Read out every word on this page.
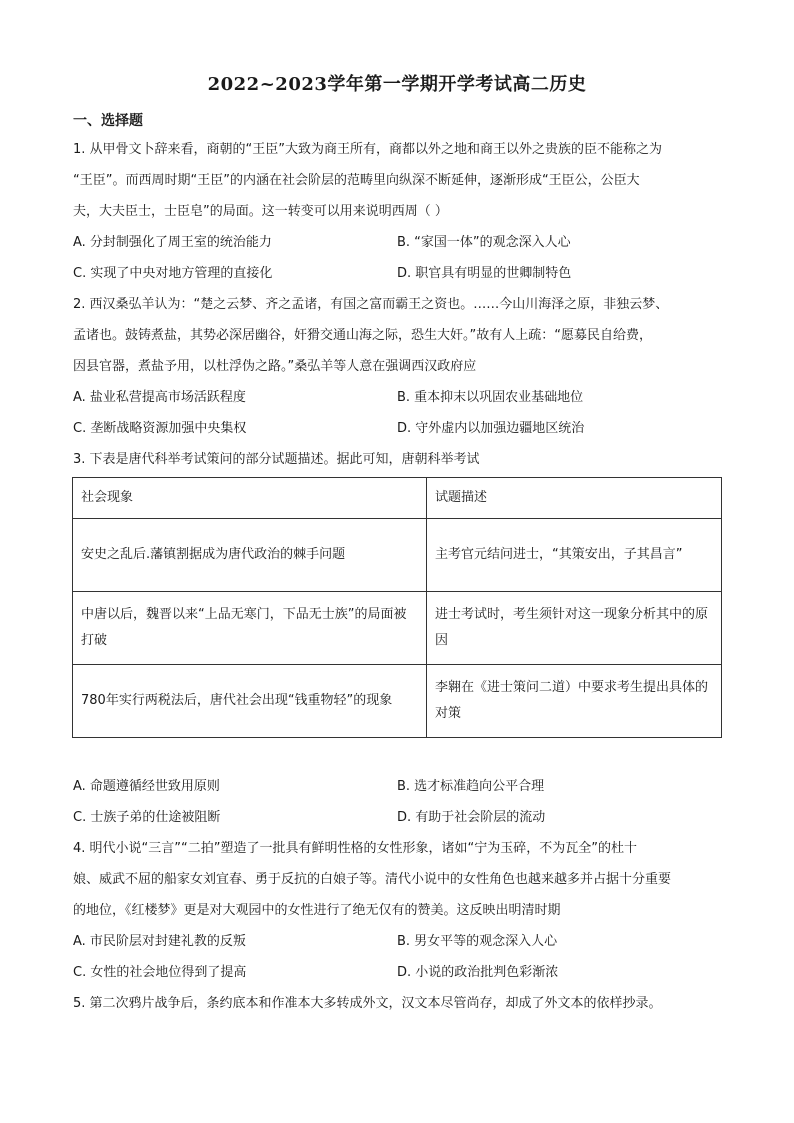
2022~2023学年第一学期开学考试高二历史
一、选择题
1. 从甲骨文卜辞来看，商朝的“王臣”大致为商王所有，商都以外之地和商王以外之贵族的臣不能称之为
“王臣”。而西周时期“王臣”的内涵在社会阶层的范畴里向纵深不断延伸，逐渐形成“王臣公，公臣大
夫，大夫臣士，士臣皂”的局面。这一转变可以用来说明西周（ ）
A. 分封制强化了周王室的统治能力	B. “家国一体”的观念深入人心
C. 实现了中央对地方管理的直接化	D. 职官具有明显的世卿制特色
2. 西汉桑弘羊认为：“楚之云梦、齐之孟诸，有国之富而霸王之资也。……今山川海泽之原，非独云梦、
孟诸也。鼓铸煮盐，其势必深居幽谷，奸猾交通山海之际，恐生大奸。”故有人上疏：“愿募民自给费，
因县官器，煮盐予用，以杜浮伪之路。”桑弘羊等人意在强调西汉政府应
A. 盐业私营提高市场活跃程度	B. 重本抑末以巩固农业基础地位
C. 垄断战略资源加强中央集权	D. 守外虚内以加强边疆地区统治
3. 下表是唐代科举考试策问的部分试题描述。据此可知，唐朝科举考试
社会现象	试题描述
安史之乱后.藩镇割据成为唐代政治的棘手问题	主考官元结问进士，“其策安出，子其昌言”
中唐以后，魏晋以来“上品无寒门，下品无士族”的局面被打破	进士考试时，考生须针对这一现象分析其中的原因
780年实行两税法后，唐代社会出现“钱重物轻”的现象	李翱在《进士策问二道）中要求考生提出具体的对策
A. 命题遵循经世致用原则	B. 选才标准趋向公平合理
C. 士族子弟的仕途被阻断	D. 有助于社会阶层的流动
4. 明代小说“三言”“二拍”塑造了一批具有鲜明性格的女性形象，诸如“宁为玉碎，不为瓦全”的杜十
娘、威武不屈的船家女刘宜春、勇于反抗的白娘子等。清代小说中的女性角色也越来越多并占据十分重要
的地位，《红楼梦》更是对大观园中的女性进行了绝无仅有的赞美。这反映出明清时期
A. 市民阶层对封建礼教的反叛	B. 男女平等的观念深入人心
C. 女性的社会地位得到了提高	D. 小说的政治批判色彩渐浓
5. 第二次鸦片战争后，条约底本和作准本大多转成外文，汉文本尽管尚存，却成了外文本的依样抄录。
